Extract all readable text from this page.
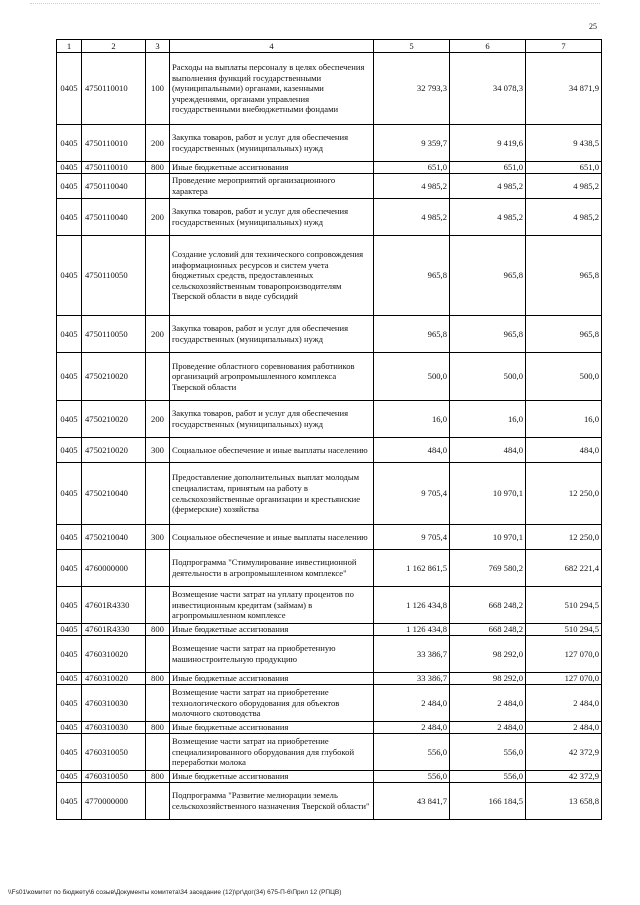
25
1	2	3	4	5	6	7
0405	4750110010	100	Расходы на выплаты персоналу в целях обеспечения выполнения функций государственными (муниципальными) органами, казенными учреждениями, органами управления государственными внебюджетными фондами	32 793,3	34 078,3	34 871,9
0405	4750110010	200	Закупка товаров, работ и услуг для обеспечения государственных (муниципальных) нужд	9 359,7	9 419,6	9 438,5
0405	4750110010	800	Иные бюджетные ассигнования	651,0	651,0	651,0
0405	4750110040		Проведение мероприятий организационного характера	4 985,2	4 985,2	4 985,2
0405	4750110040	200	Закупка товаров, работ и услуг для обеспечения государственных (муниципальных) нужд	4 985,2	4 985,2	4 985,2
0405	4750110050		Создание условий для технического сопровождения информационных ресурсов и систем учета бюджетных средств, предоставленных сельскохозяйственным товаропроизводителям Тверской области в виде субсидий	965,8	965,8	965,8
0405	4750110050	200	Закупка товаров, работ и услуг для обеспечения государственных (муниципальных) нужд	965,8	965,8	965,8
0405	4750210020		Проведение областного соревнования работников организаций агропромышленного комплекса Тверской области	500,0	500,0	500,0
0405	4750210020	200	Закупка товаров, работ и услуг для обеспечения государственных (муниципальных) нужд	16,0	16,0	16,0
0405	4750210020	300	Социальное обеспечение и иные выплаты населению	484,0	484,0	484,0
0405	4750210040		Предоставление дополнительных выплат молодым специалистам, принятым на работу в сельскохозяйственные организации и крестьянские (фермерские) хозяйства	9 705,4	10 970,1	12 250,0
0405	4750210040	300	Социальное обеспечение и иные выплаты населению	9 705,4	10 970,1	12 250,0
0405	4760000000		Подпрограмма "Стимулирование инвестиционной деятельности в агропромышленном комплексе"	1 162 861,5	769 580,2	682 221,4
0405	47601R4330		Возмещение части затрат на уплату процентов по инвестиционным кредитам (займам) в агропромышленном комплексе	1 126 434,8	668 248,2	510 294,5
0405	47601R4330	800	Иные бюджетные ассигнования	1 126 434,8	668 248,2	510 294,5
0405	4760310020		Возмещение части затрат на приобретенную машиностроительную продукцию	33 386,7	98 292,0	127 070,0
0405	4760310020	800	Иные бюджетные ассигнования	33 386,7	98 292,0	127 070,0
0405	4760310030		Возмещение части затрат на приобретение технологического оборудования для объектов молочного скотоводства	2 484,0	2 484,0	2 484,0
0405	4760310030	800	Иные бюджетные ассигнования	2 484,0	2 484,0	2 484,0
0405	4760310050		Возмещение части затрат на приобретение специализированного оборудования для глубокой переработки молока	556,0	556,0	42 372,9
0405	4760310050	800	Иные бюджетные ассигнования	556,0	556,0	42 372,9
0405	4770000000		Подпрограмма "Развитие мелиорации земель сельскохозяйственного назначения Тверской области"	43 841,7	166 184,5	13 658,8
\\Fs01\комитет по бюджету\6 созыв\Документы комитета\34 заседание (12)\рг\дог(34) 675-П-6\Прил 12 (РПЦВ)
